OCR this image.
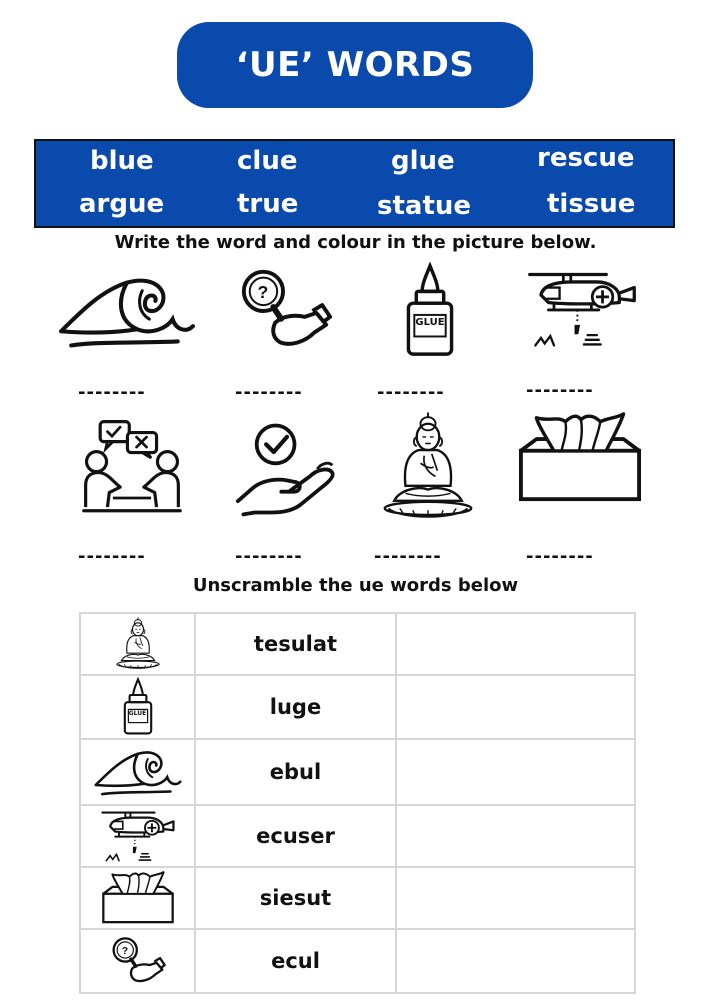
‘UE’ WORDS
blue	clue	glue	rescue
argue	true	statue	tissue
Write the word and colour in the picture below.
GLUE
--------	--------	--------	--------
--------	--------	--------	--------
Unscramble the ue words below
	tesulat	

GLUE	luge	

	ebul	

	ecuser	

	siesut	

	ecul	
